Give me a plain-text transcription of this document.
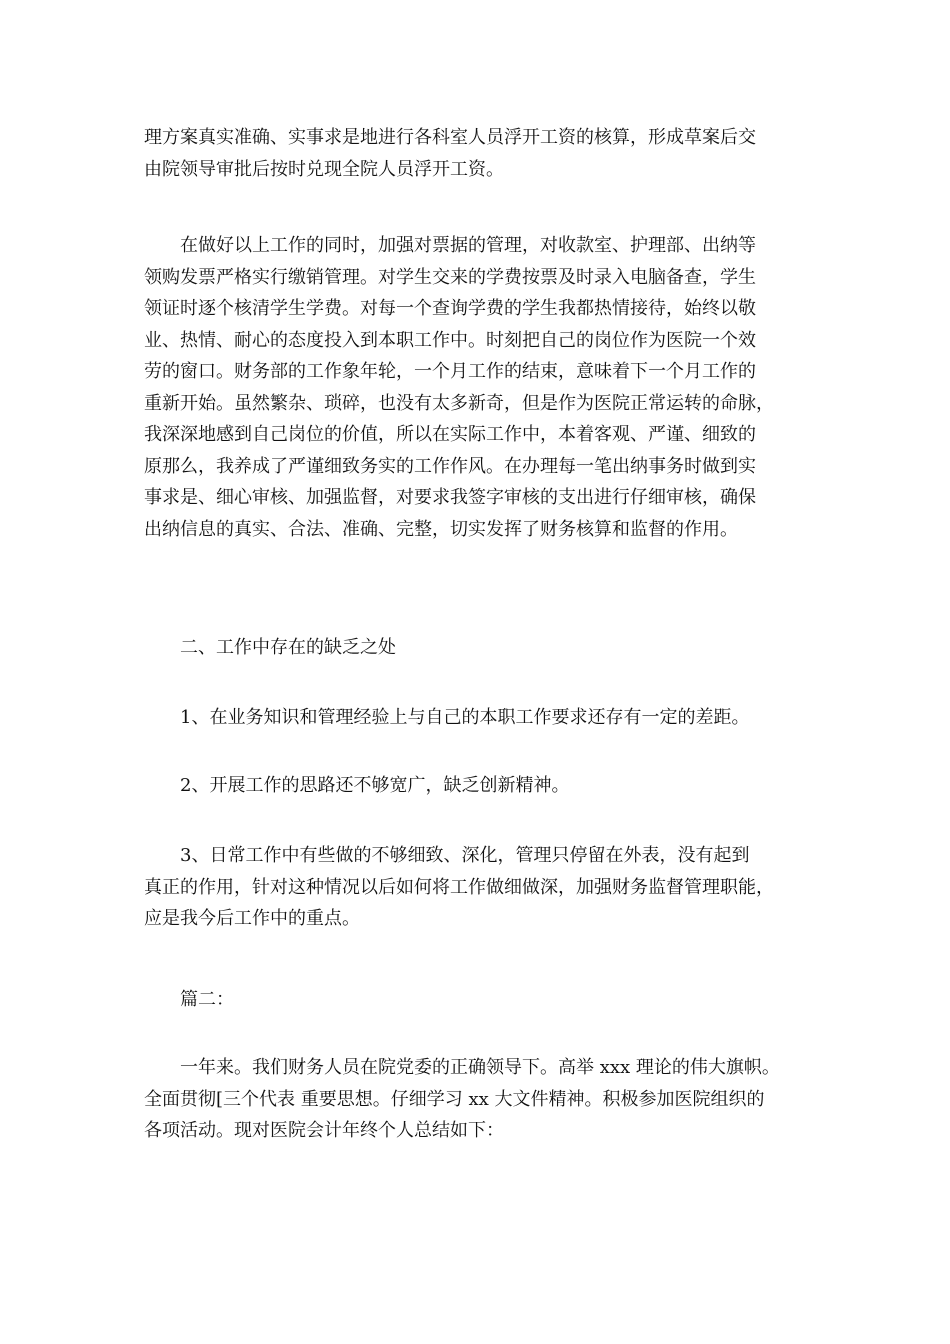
理方案真实准确、实事求是地进行各科室人员浮开工资的核算，形成草案后交
由院领导审批后按时兑现全院人员浮开工资。
　　在做好以上工作的同时，加强对票据的管理，对收款室、护理部、出纳等
领购发票严格实行缴销管理。对学生交来的学费按票及时录入电脑备查，学生
领证时逐个核清学生学费。对每一个查询学费的学生我都热情接待，始终以敬
业、热情、耐心的态度投入到本职工作中。时刻把自己的岗位作为医院一个效
劳的窗口。财务部的工作象年轮，一个月工作的结束，意味着下一个月工作的
重新开始。虽然繁杂、琐碎，也没有太多新奇，但是作为医院正常运转的命脉，
我深深地感到自己岗位的价值，所以在实际工作中，本着客观、严谨、细致的
原那么，我养成了严谨细致务实的工作作风。在办理每一笔出纳事务时做到实
事求是、细心审核、加强监督，对要求我签字审核的支出进行仔细审核，确保
出纳信息的真实、合法、准确、完整，切实发挥了财务核算和监督的作用。
　　二、工作中存在的缺乏之处
　　1、在业务知识和管理经验上与自己的本职工作要求还存有一定的差距。
　　2、开展工作的思路还不够宽广，缺乏创新精神。
　　3、日常工作中有些做的不够细致、深化，管理只停留在外表，没有起到
真正的作用，针对这种情况以后如何将工作做细做深，加强财务监督管理职能，
应是我今后工作中的重点。
　　篇二：
　　一年来。我们财务人员在院党委的正确领导下。高举 xxx 理论的伟大旗帜。
全面贯彻[三个代表 重要思想。仔细学习 xx 大文件精神。积极参加医院组织的
各项活动。现对医院会计年终个人总结如下：
